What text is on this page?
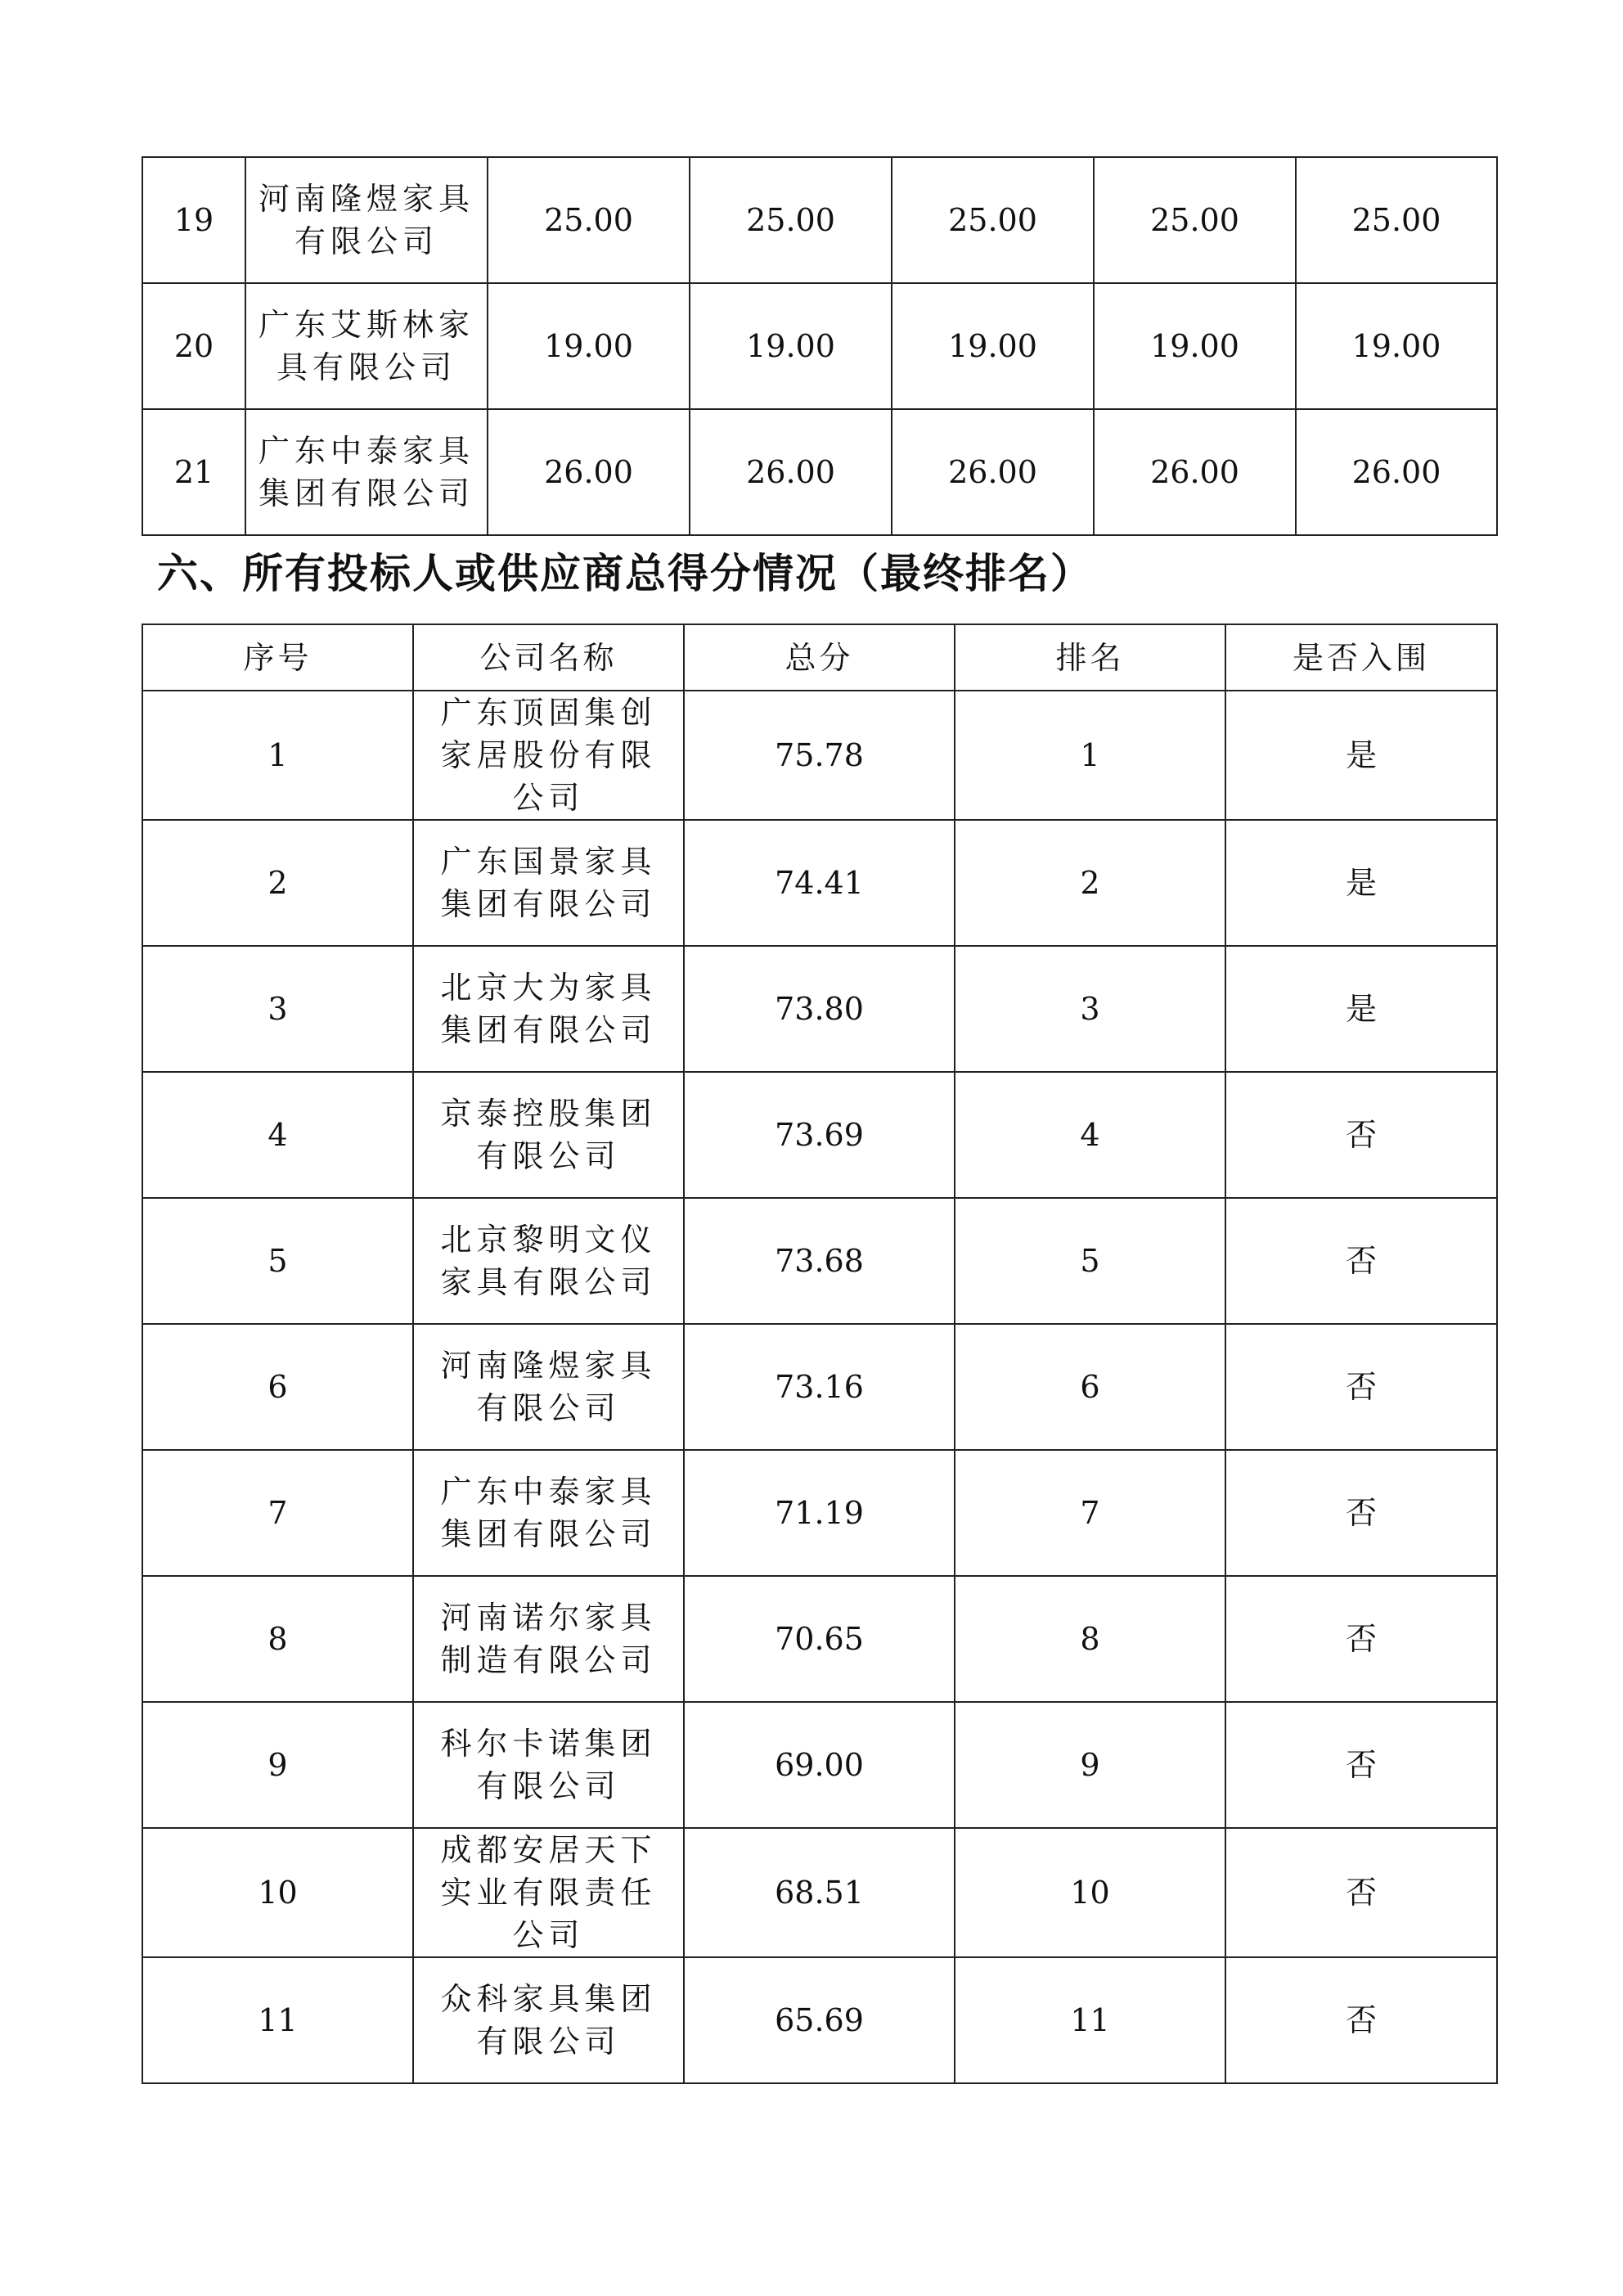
19	河南隆煜家具有限公司	25.00	25.00	25.00	25.00	25.00
20	广东艾斯林家具有限公司	19.00	19.00	19.00	19.00	19.00
21	广东中泰家具集团有限公司	26.00	26.00	26.00	26.00	26.00
六、所有投标人或供应商总得分情况（最终排名）
序号	公司名称	总分	排名	是否入围
1	广东顶固集创家居股份有限公司	75.78	1	是
2	广东国景家具集团有限公司	74.41	2	是
3	北京大为家具集团有限公司	73.80	3	是
4	京泰控股集团有限公司	73.69	4	否
5	北京黎明文仪家具有限公司	73.68	5	否
6	河南隆煜家具有限公司	73.16	6	否
7	广东中泰家具集团有限公司	71.19	7	否
8	河南诺尔家具制造有限公司	70.65	8	否
9	科尔卡诺集团有限公司	69.00	9	否
10	成都安居天下实业有限责任公司	68.51	10	否
11	众科家具集团有限公司	65.69	11	否
